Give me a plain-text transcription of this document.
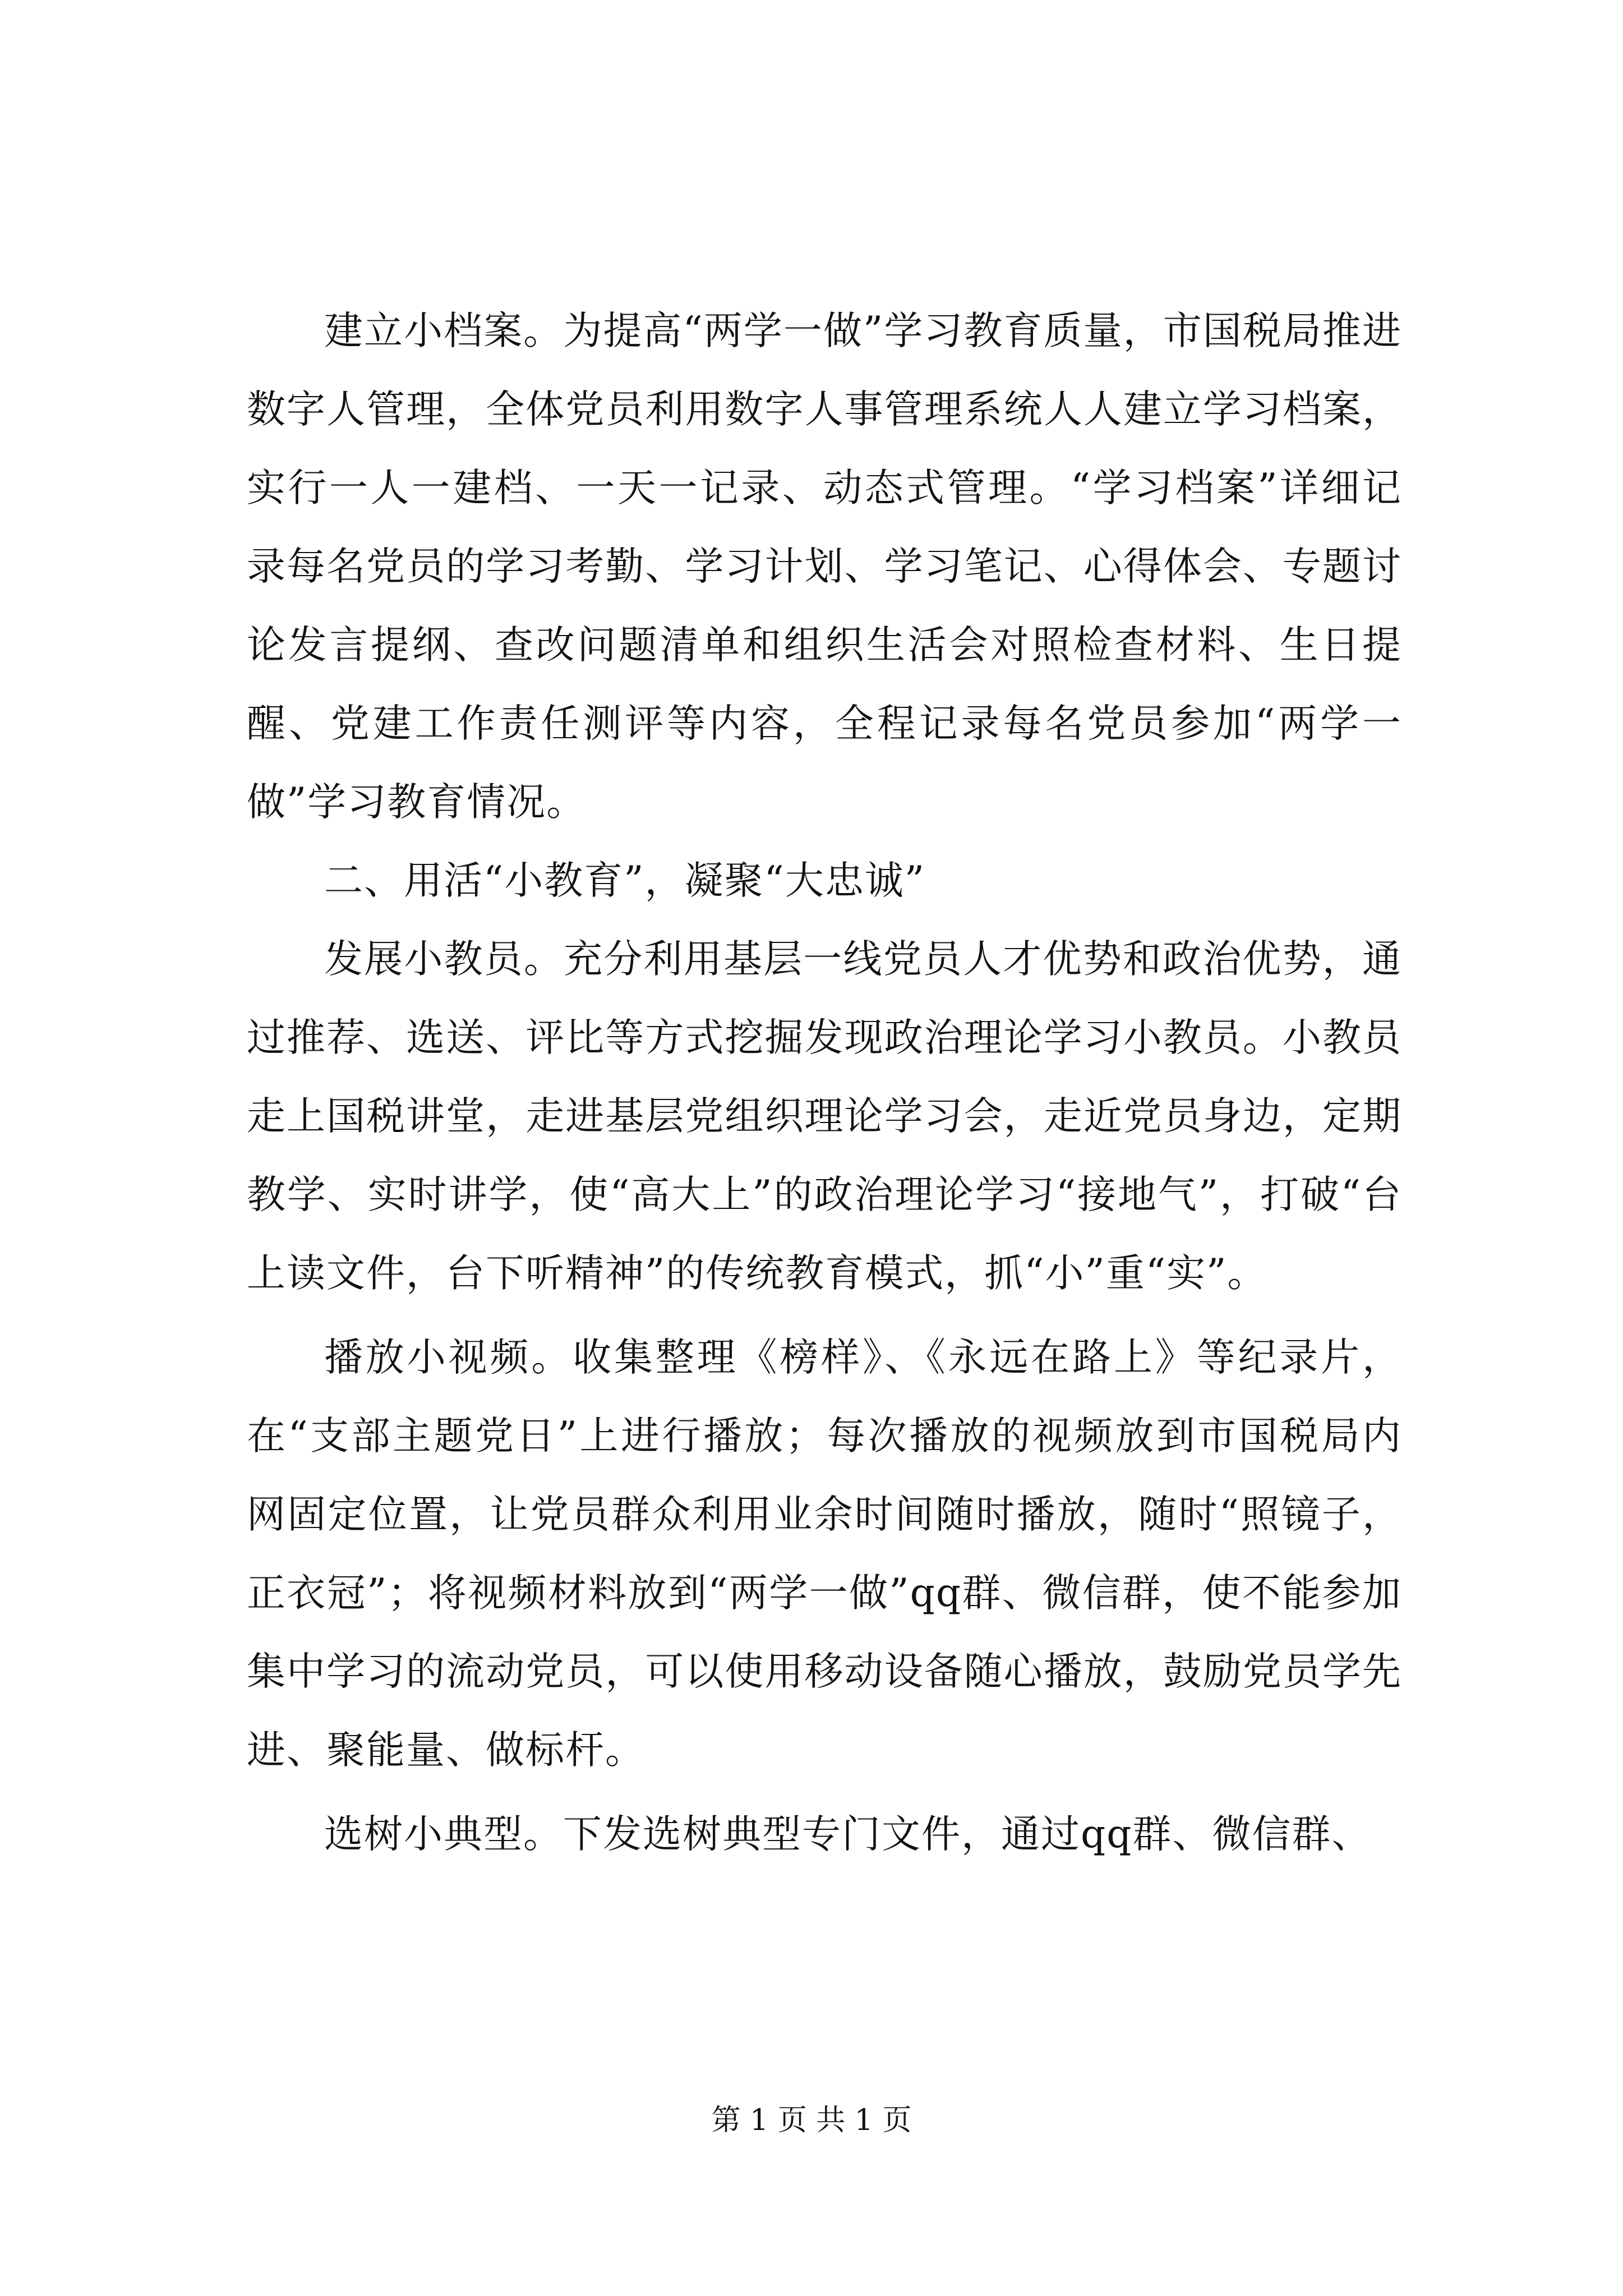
建立小档案。为提高“两学一做”学习教育质量，市国税局推进数字人管理，全体党员利用数字人事管理系统人人建立学习档案，实行一人一建档、一天一记录、动态式管理。“学习档案”详细记录每名党员的学习考勤、学习计划、学习笔记、心得体会、专题讨论发言提纲、查改问题清单和组织生活会对照检查材料、生日提醒、党建工作责任测评等内容，全程记录每名党员参加“两学一做”学习教育情况。

二、用活“小教育”，凝聚“大忠诚”

发展小教员。充分利用基层一线党员人才优势和政治优势，通过推荐、选送、评比等方式挖掘发现政治理论学习小教员。小教员走上国税讲堂，走进基层党组织理论学习会，走近党员身边，定期教学、实时讲学，使“高大上”的政治理论学习“接地气”，打破“台上读文件，台下听精神”的传统教育模式，抓“小”重“实”。

播放小视频。收集整理《榜样》、《永远在路上》等纪录片，在“支部主题党日”上进行播放；每次播放的视频放到市国税局内网固定位置，让党员群众利用业余时间随时播放，随时“照镜子，正衣冠”；将视频材料放到“两学一做”qq群、微信群，使不能参加集中学习的流动党员，可以使用移动设备随心播放，鼓励党员学先进、聚能量、做标杆。

选树小典型。下发选树典型专门文件，通过qq群、微信群、

第 1 页 共 1 页
